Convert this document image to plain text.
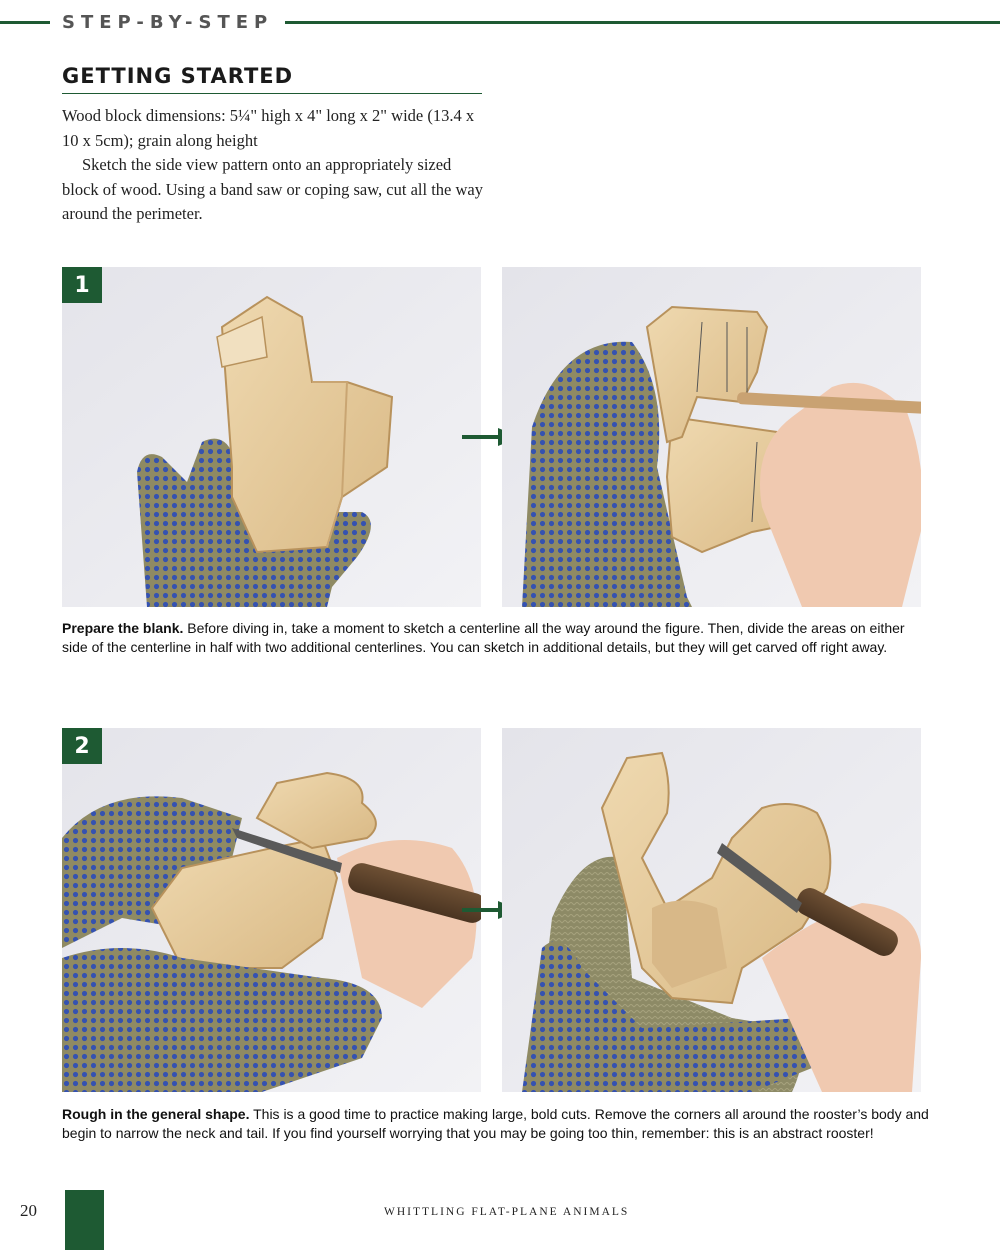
STEP-BY-STEP
GETTING STARTED

Wood block dimensions: 5¼" high x 4" long x 2" wide (13.4 x 10 x 5cm); grain along height

Sketch the side view pattern onto an appropriately sized block of wood. Using a band saw or coping saw, cut all the way around the perimeter.

1
Prepare the blank. Before diving in, take a moment to sketch a centerline all the way around the figure. Then, divide the areas on either side of the centerline in half with two additional centerlines. You can sketch in additional details, but they will get carved off right away.
2
Rough in the general shape. This is a good time to practice making large, bold cuts. Remove the corners all around the rooster’s body and begin to narrow the neck and tail. If you find yourself worrying that you may be going too thin, remember: this is an abstract rooster!
20	WHITTLING FLAT-PLANE ANIMALS
